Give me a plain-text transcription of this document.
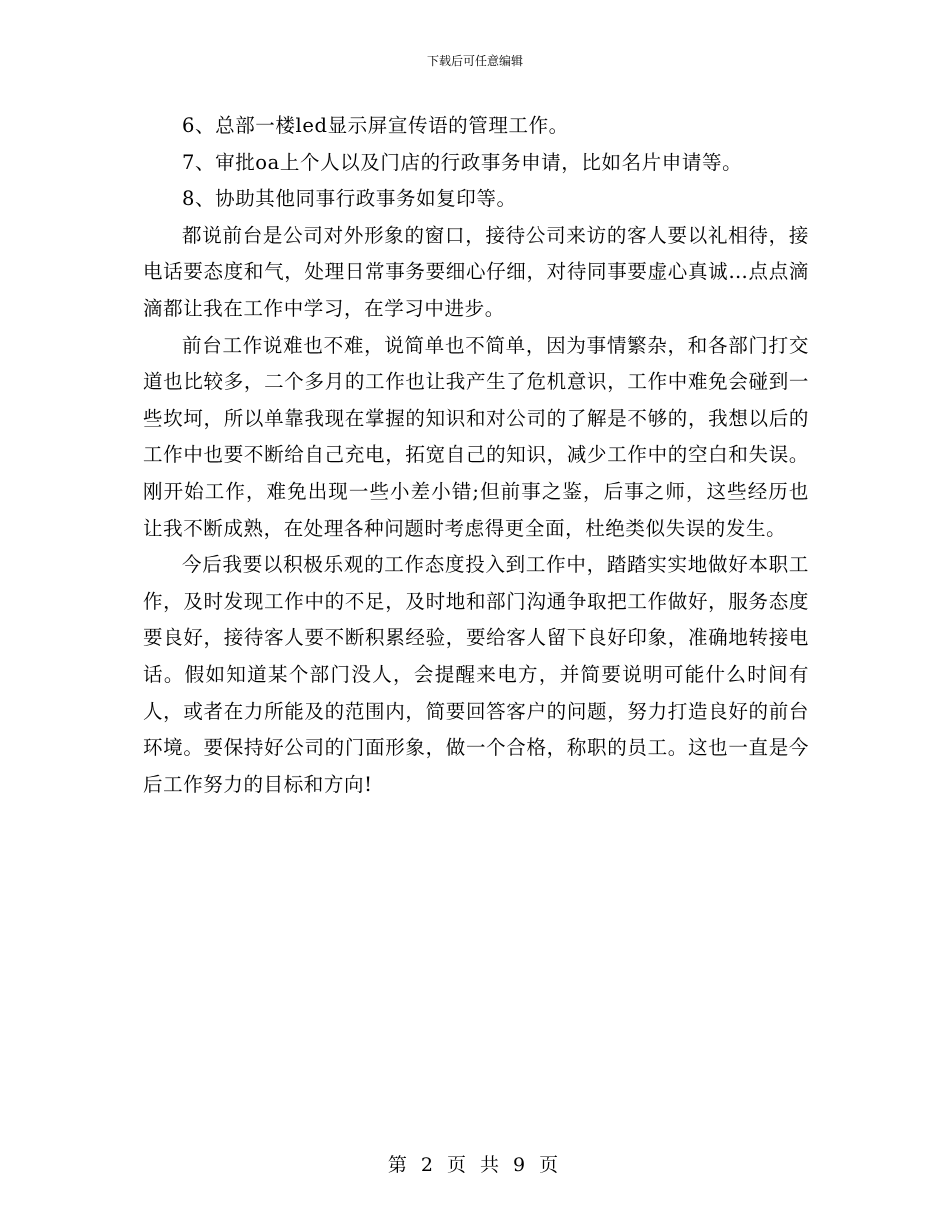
下载后可任意编辑

6、总部一楼led显示屏宣传语的管理工作。

7、审批oa上个人以及门店的行政事务申请，比如名片申请等。

8、协助其他同事行政事务如复印等。

都说前台是公司对外形象的窗口，接待公司来访的客人要以礼相待，接电话要态度和气，处理日常事务要细心仔细，对待同事要虚心真诚…点点滴滴都让我在工作中学习，在学习中进步。

前台工作说难也不难，说简单也不简单，因为事情繁杂，和各部门打交道也比较多，二个多月的工作也让我产生了危机意识，工作中难免会碰到一些坎坷，所以单靠我现在掌握的知识和对公司的了解是不够的，我想以后的工作中也要不断给自己充电，拓宽自己的知识，减少工作中的空白和失误。刚开始工作，难免出现一些小差小错;但前事之鉴，后事之师，这些经历也让我不断成熟，在处理各种问题时考虑得更全面，杜绝类似失误的发生。

今后我要以积极乐观的工作态度投入到工作中，踏踏实实地做好本职工作，及时发现工作中的不足，及时地和部门沟通争取把工作做好，服务态度要良好，接待客人要不断积累经验，要给客人留下良好印象，准确地转接电话。假如知道某个部门没人，会提醒来电方，并简要说明可能什么时间有人，或者在力所能及的范围内，简要回答客户的问题，努力打造良好的前台环境。要保持好公司的门面形象，做一个合格，称职的员工。这也一直是今后工作努力的目标和方向!

第 2 页 共 9 页
